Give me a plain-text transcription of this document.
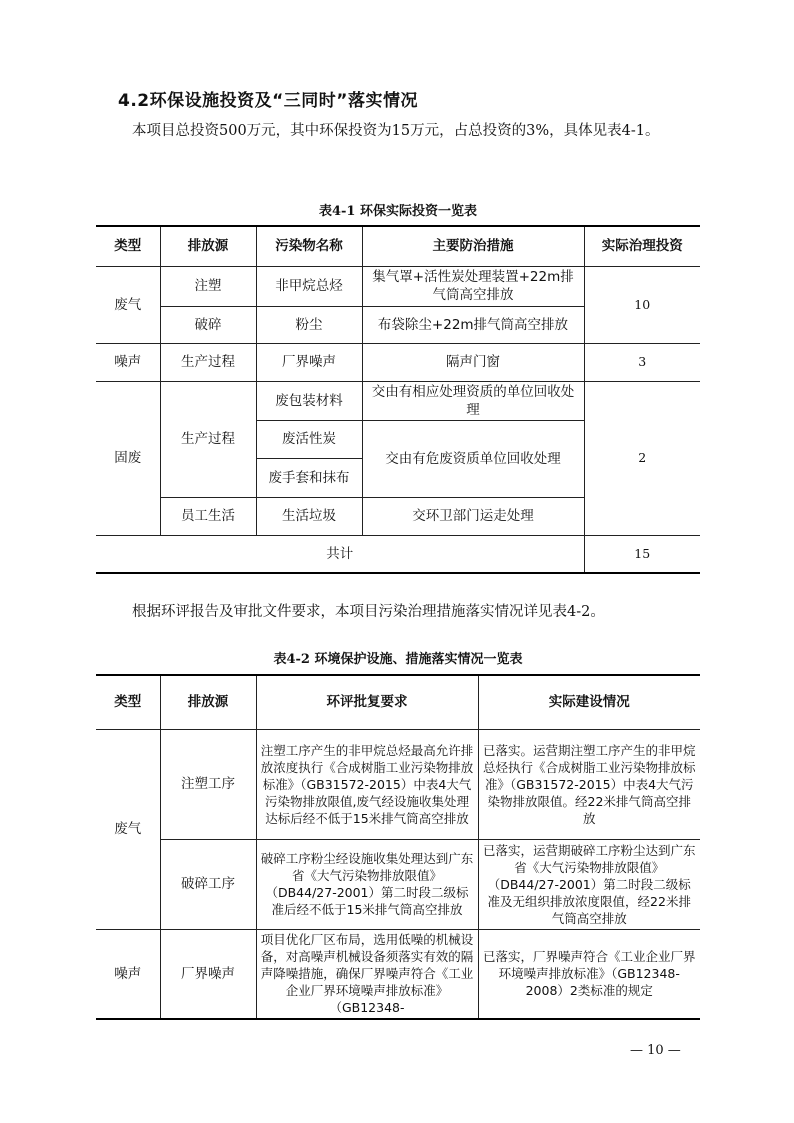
4.2环保设施投资及“三同时”落实情况
本项目总投资500万元，其中环保投资为15万元，占总投资的3%，具体见表4-1。
表4-1 环保实际投资一览表
类型	排放源	污染物名称	主要防治措施	实际治理投资
废气	注塑	非甲烷总烃	集气罩+活性炭处理装置+22m排气筒高空排放	10
	破碎	粉尘	布袋除尘+22m排气筒高空排放	
噪声	生产过程	厂界噪声	隔声门窗	3
固废	生产过程	废包装材料	交由有相应处理资质的单位回收处理	2
		废活性炭	交由有危废资质单位回收处理	
		废手套和抹布		
	员工生活	生活垃圾	交环卫部门运走处理	
共计				15
根据环评报告及审批文件要求，本项目污染治理措施落实情况详见表4-2。
表4-2 环境保护设施、措施落实情况一览表
类型	排放源	环评批复要求	实际建设情况
废气	注塑工序	注塑工序产生的非甲烷总烃最高允许排放浓度执行《合成树脂工业污染物排放标准》（GB31572-2015）中表4大气污染物排放限值,废气经设施收集处理达标后经不低于15米排气筒高空排放	已落实。运营期注塑工序产生的非甲烷总烃执行《合成树脂工业污染物排放标准》（GB31572-2015）中表4大气污染物排放限值。经22米排气筒高空排放
	破碎工序	破碎工序粉尘经设施收集处理达到广东省《大气污染物排放限值》（DB44/27-2001）第二时段二级标准后经不低于15米排气筒高空排放	已落实，运营期破碎工序粉尘达到广东省《大气污染物排放限值》（DB44/27-2001）第二时段二级标准及无组织排放浓度限值，经22米排气筒高空排放
噪声	厂界噪声	项目优化厂区布局，选用低噪的机械设备，对高噪声机械设备须落实有效的隔声降噪措施，确保厂界噪声符合《工业企业厂界环境噪声排放标准》（GB12348-	已落实，厂界噪声符合《工业企业厂界环境噪声排放标准》（GB12348-2008）2类标准的规定
— 10 —
